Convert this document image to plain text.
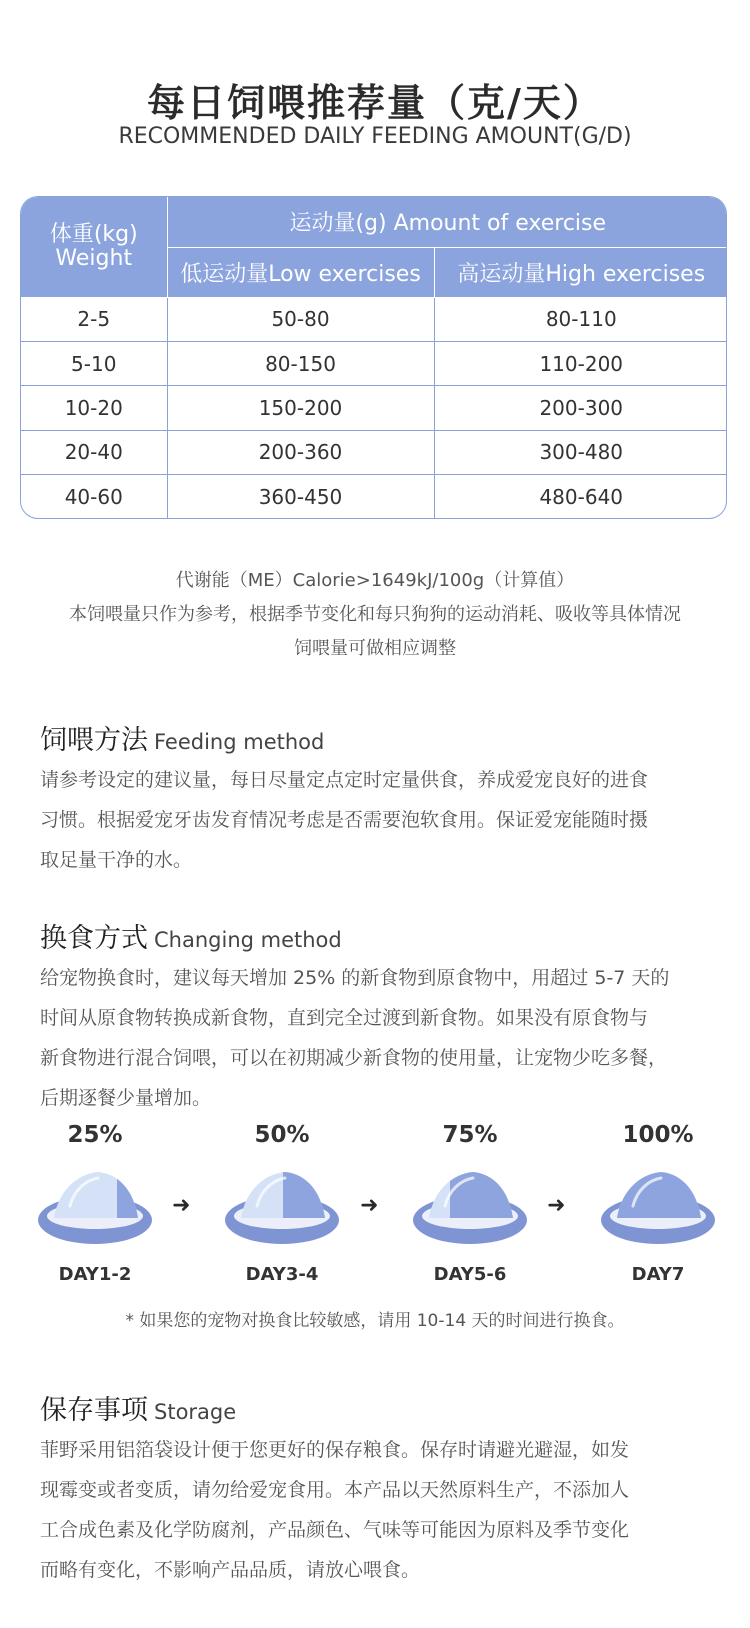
每日饲喂推荐量（克/天）
RECOMMENDED DAILY FEEDING AMOUNT(G/D)
体重(kg)
Weight	运动量(g) Amount of exercise	
	低运动量Low exercises	高运动量High exercises
2-5	50-80	80-110
5-10	80-150	110-200
10-20	150-200	200-300
20-40	200-360	300-480
40-60	360-450	480-640
代谢能（ME）Calorie>1649kJ/100g（计算值）
本饲喂量只作为参考，根据季节变化和每只狗狗的运动消耗、吸收等具体情况
饲喂量可做相应调整
饲喂方法 Feeding method
请参考设定的建议量，每日尽量定点定时定量供食，养成爱宠良好的进食
习惯。根据爱宠牙齿发育情况考虑是否需要泡软食用。保证爱宠能随时摄
取足量干净的水。
换食方式 Changing method
给宠物换食时，建议每天增加 25% 的新食物到原食物中，用超过 5-7 天的
时间从原食物转换成新食物，直到完全过渡到新食物。如果没有原食物与
新食物进行混合饲喂，可以在初期减少新食物的使用量，让宠物少吃多餐，
后期逐餐少量增加。
25%
DAY1-2
➜
50%
DAY3-4
➜
75%
DAY5-6
➜
100%
DAY7
* 如果您的宠物对换食比较敏感，请用 10-14 天的时间进行换食。
保存事项 Storage
菲野采用铝箔袋设计便于您更好的保存粮食。保存时请避光避湿，如发
现霉变或者变质，请勿给爱宠食用。本产品以天然原料生产，不添加人
工合成色素及化学防腐剂，产品颜色、气味等可能因为原料及季节变化
而略有变化，不影响产品品质，请放心喂食。
